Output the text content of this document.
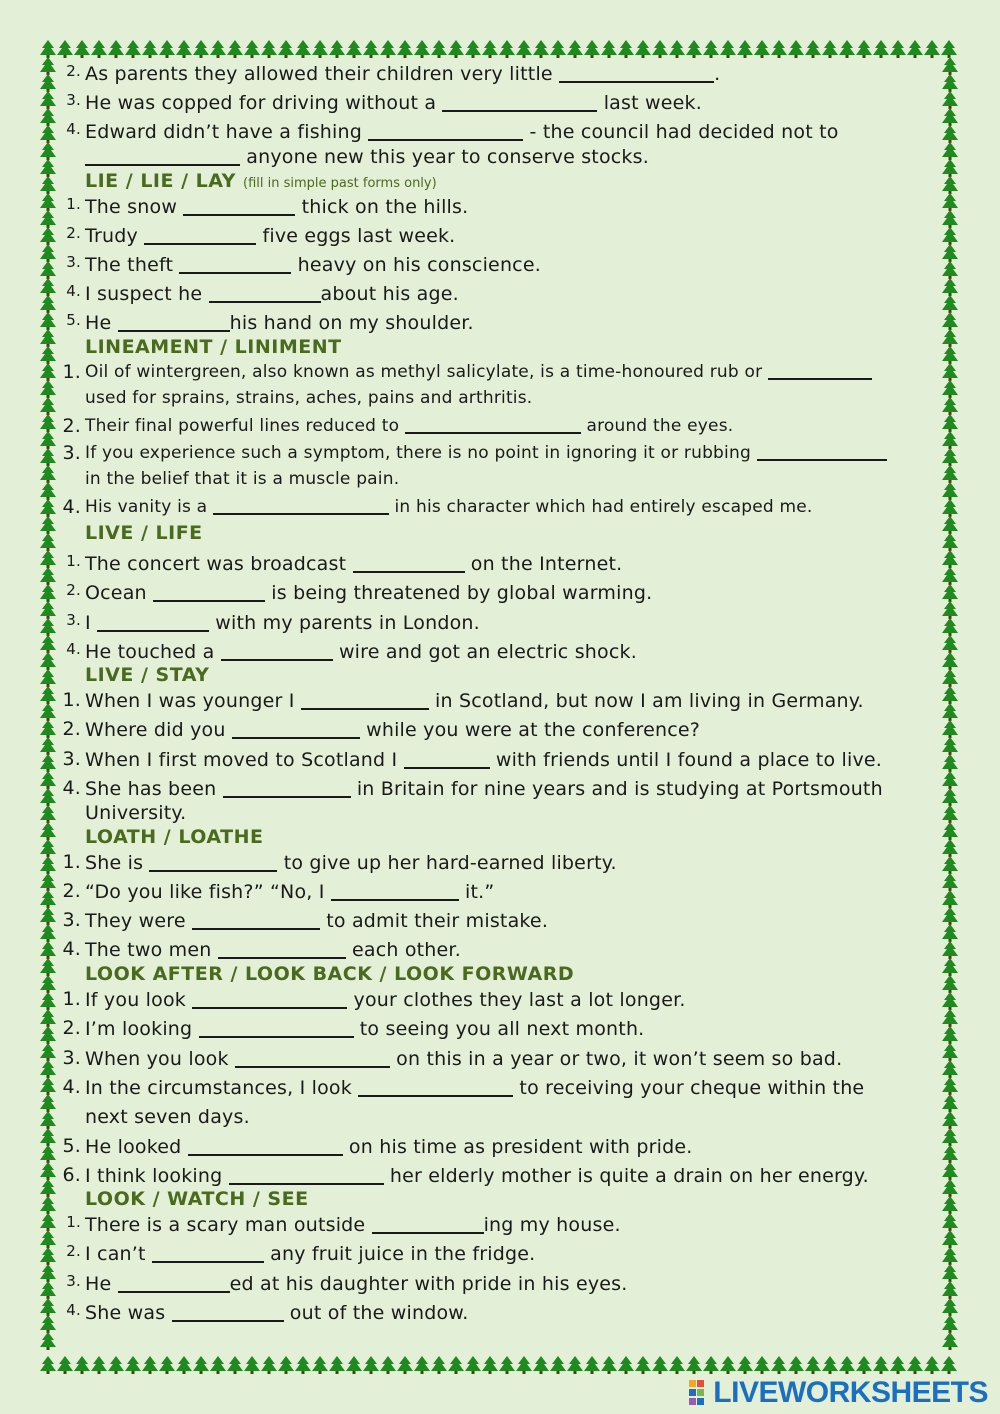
2. As parents they allowed their children very little	.
3. He was copped for driving without a	last week.
4. Edward didn’t have a fishing	- the council had decided not to
anyone new this year to conserve stocks.
LIE / LIE / LAY (fill in simple past forms only)
1. The snow	thick on the hills.
2. Trudy	five eggs last week.
3. The theft	heavy on his conscience.
4. I suspect he	about his age.
5. He	his hand on my shoulder.
LINEAMENT / LINIMENT
1. Oil of wintergreen, also known as methyl salicylate, is a time-honoured rub or
used for sprains, strains, aches, pains and arthritis.
2. Their final powerful lines reduced to	around the eyes.
3. If you experience such a symptom, there is no point in ignoring it or rubbing
in the belief that it is a muscle pain.
4. His vanity is a	in his character which had entirely escaped me.
LIVE / LIFE
1. The concert was broadcast	on the Internet.
2. Ocean	is being threatened by global warming.
3. I	with my parents in London.
4. He touched a	wire and got an electric shock.
LIVE / STAY
1. When I was younger I	in Scotland, but now I am living in Germany.
2. Where did you	while you were at the conference?
3. When I first moved to Scotland I	with friends until I found a place to live.
4. She has been	in Britain for nine years and is studying at Portsmouth
University.
LOATH / LOATHE
1. She is	to give up her hard-earned liberty.
2. “Do you like fish?” “No, I	it.”
3. They were	to admit their mistake.
4. The two men	each other.
LOOK AFTER / LOOK BACK / LOOK FORWARD
1. If you look	your clothes they last a lot longer.
2. I’m looking	to seeing you all next month.
3. When you look	on this in a year or two, it won’t seem so bad.
4. In the circumstances, I look	to receiving your cheque within the
next seven days.
5. He looked	on his time as president with pride.
6. I think looking	her elderly mother is quite a drain on her energy.
LOOK / WATCH / SEE
1. There is a scary man outside	ing my house.
2. I can’t	any fruit juice in the fridge.
3. He	ed at his daughter with pride in his eyes.
4. She was	out of the window.
LIVEWORKSHEETS
